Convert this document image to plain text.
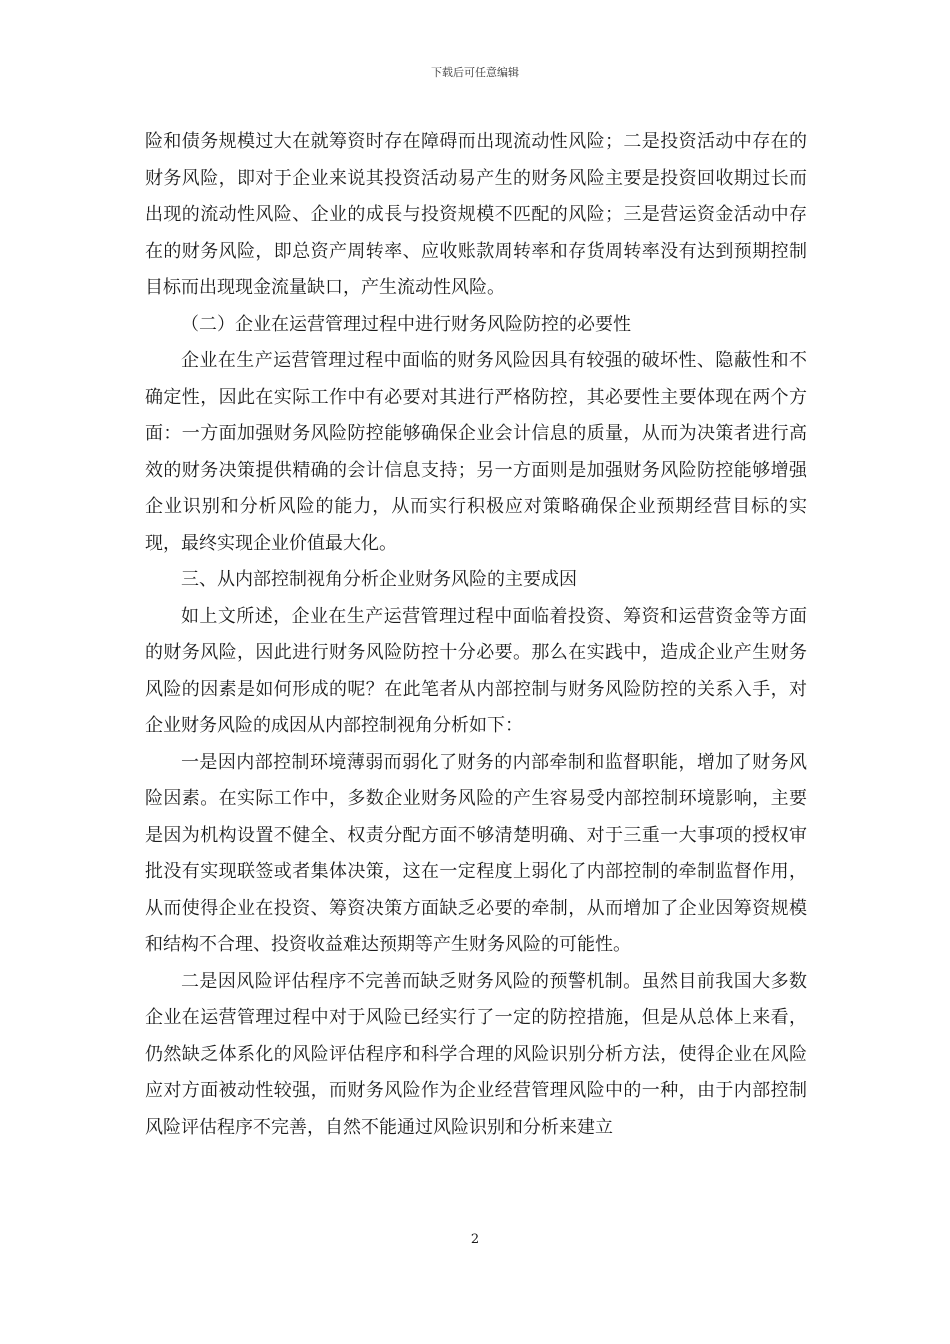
下载后可任意编辑

险和债务规模过大在就筹资时存在障碍而出现流动性风险；二是投资活动中存在的财务风险，即对于企业来说其投资活动易产生的财务风险主要是投资回收期过长而出现的流动性风险、企业的成長与投资规模不匹配的风险；三是营运资金活动中存在的财务风险，即总资产周转率、应收账款周转率和存货周转率没有达到预期控制目标而出现现金流量缺口，产生流动性风险。

（二）企业在运营管理过程中进行财务风险防控的必要性

企业在生产运营管理过程中面临的财务风险因具有较强的破坏性、隐蔽性和不确定性，因此在实际工作中有必要对其进行严格防控，其必要性主要体现在两个方面：一方面加强财务风险防控能够确保企业会计信息的质量，从而为决策者进行高效的财务决策提供精确的会计信息支持；另一方面则是加强财务风险防控能够增强企业识别和分析风险的能力，从而实行积极应对策略确保企业预期经营目标的实现，最终实现企业价值最大化。

三、从内部控制视角分析企业财务风险的主要成因

如上文所述，企业在生产运营管理过程中面临着投资、筹资和运营资金等方面的财务风险，因此进行财务风险防控十分必要。那么在实践中，造成企业产生财务风险的因素是如何形成的呢？在此笔者从内部控制与财务风险防控的关系入手，对企业财务风险的成因从内部控制视角分析如下：

一是因内部控制环境薄弱而弱化了财务的内部牵制和监督职能，增加了财务风险因素。在实际工作中，多数企业财务风险的产生容易受内部控制环境影响，主要是因为机构设置不健全、权责分配方面不够清楚明确、对于三重一大事项的授权审批没有实现联签或者集体决策，这在一定程度上弱化了内部控制的牵制监督作用，从而使得企业在投资、筹资决策方面缺乏必要的牵制，从而增加了企业因筹资规模和结构不合理、投资收益难达预期等产生财务风险的可能性。

二是因风险评估程序不完善而缺乏财务风险的预警机制。虽然目前我国大多数企业在运营管理过程中对于风险已经实行了一定的防控措施，但是从总体上来看，仍然缺乏体系化的风险评估程序和科学合理的风险识别分析方法，使得企业在风险应对方面被动性较强，而财务风险作为企业经营管理风险中的一种，由于内部控制风险评估程序不完善，自然不能通过风险识别和分析来建立

2
